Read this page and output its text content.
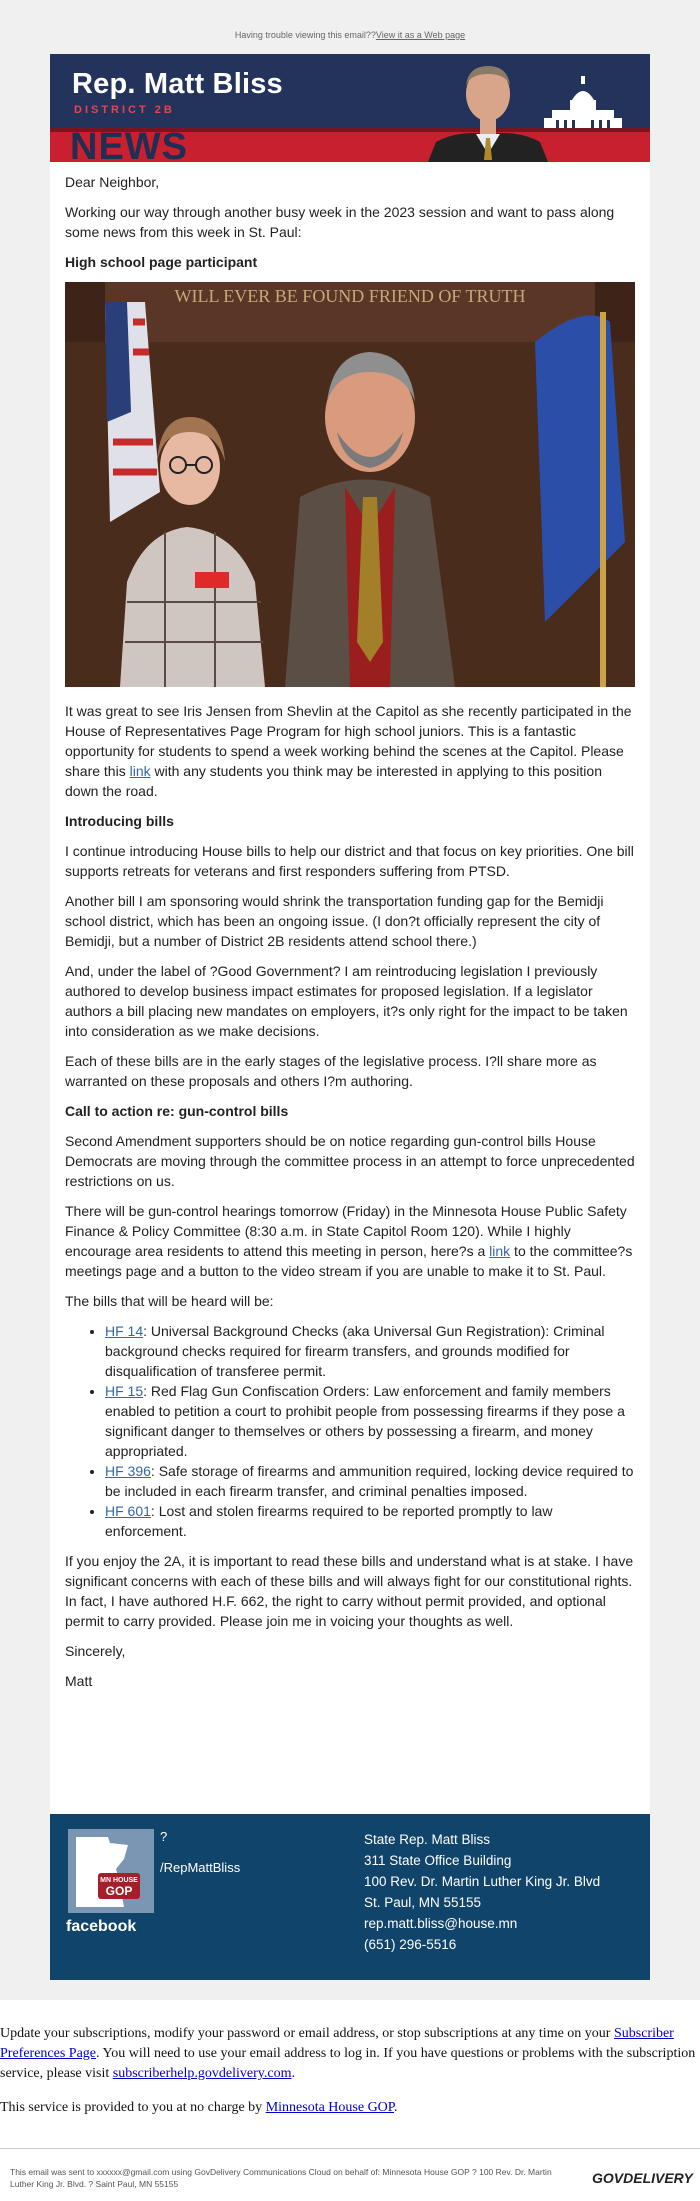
Having trouble viewing this email??View it as a Web page
Rep. Matt Bliss
DISTRICT 2B
NEWS

Dear Neighbor,

Working our way through another busy week in the 2023 session and want to pass along some news from this week in St. Paul:

High school page participant
WILL EVER BE FOUND FRIEND OF TRUTH

It was great to see Iris Jensen from Shevlin at the Capitol as she recently participated in the House of Representatives Page Program for high school juniors. This is a fantastic opportunity for students to spend a week working behind the scenes at the Capitol. Please share this link with any students you think may be interested in applying to this position down the road.

Introducing bills

I continue introducing House bills to help our district and that focus on key priorities. One bill supports retreats for veterans and first responders suffering from PTSD.

Another bill I am sponsoring would shrink the transportation funding gap for the Bemidji school district, which has been an ongoing issue. (I don?t officially represent the city of Bemidji, but a number of District 2B residents attend school there.)

And, under the label of ?Good Government? I am reintroducing legislation I previously authored to develop business impact estimates for proposed legislation. If a legislator authors a bill placing new mandates on employers, it?s only right for the impact to be taken into consideration as we make decisions.

Each of these bills are in the early stages of the legislative process. I?ll share more as warranted on these proposals and others I?m authoring.

Call to action re: gun-control bills

Second Amendment supporters should be on notice regarding gun-control bills House Democrats are moving through the committee process in an attempt to force unprecedented restrictions on us.

There will be gun-control hearings tomorrow (Friday) in the Minnesota House Public Safety Finance & Policy Committee (8:30 a.m. in State Capitol Room 120). While I highly encourage area residents to attend this meeting in person, here?s a link to the committee?s meetings page and a button to the video stream if you are unable to make it to St. Paul.

The bills that will be heard will be:

• HF 14: Universal Background Checks (aka Universal Gun Registration): Criminal background checks required for firearm transfers, and grounds modified for disqualification of transferee permit.
• HF 15: Red Flag Gun Confiscation Orders: Law enforcement and family members enabled to petition a court to prohibit people from possessing firearms if they pose a significant danger to themselves or others by possessing a firearm, and money appropriated.
• HF 396: Safe storage of firearms and ammunition required, locking device required to be included in each firearm transfer, and criminal penalties imposed.
• HF 601: Lost and stolen firearms required to be reported promptly to law enforcement.

If you enjoy the 2A, it is important to read these bills and understand what is at stake. I have significant concerns with each of these bills and will always fight for our constitutional rights. In fact, I have authored H.F. 662, the right to carry without permit provided, and optional permit to carry provided. Please join me in voicing your thoughts as well.

Sincerely,

Matt

MN HOUSE
GOP
facebook
?
/RepMattBliss
State Rep. Matt Bliss
311 State Office Building
100 Rev. Dr. Martin Luther King Jr. Blvd
St. Paul, MN 55155
rep.matt.bliss@house.mn
(651) 296-5516

Update your subscriptions, modify your password or email address, or stop subscriptions at any time on your Subscriber Preferences Page. You will need to use your email address to log in. If you have questions or problems with the subscription service, please visit subscriberhelp.govdelivery.com.

This service is provided to you at no charge by Minnesota House GOP.

This email was sent to xxxxxx@gmail.com using GovDelivery Communications Cloud on behalf of: Minnesota House GOP ? 100 Rev. Dr. Martin Luther King Jr. Blvd. ? Saint Paul, MN 55155	GOVDELIVERY
